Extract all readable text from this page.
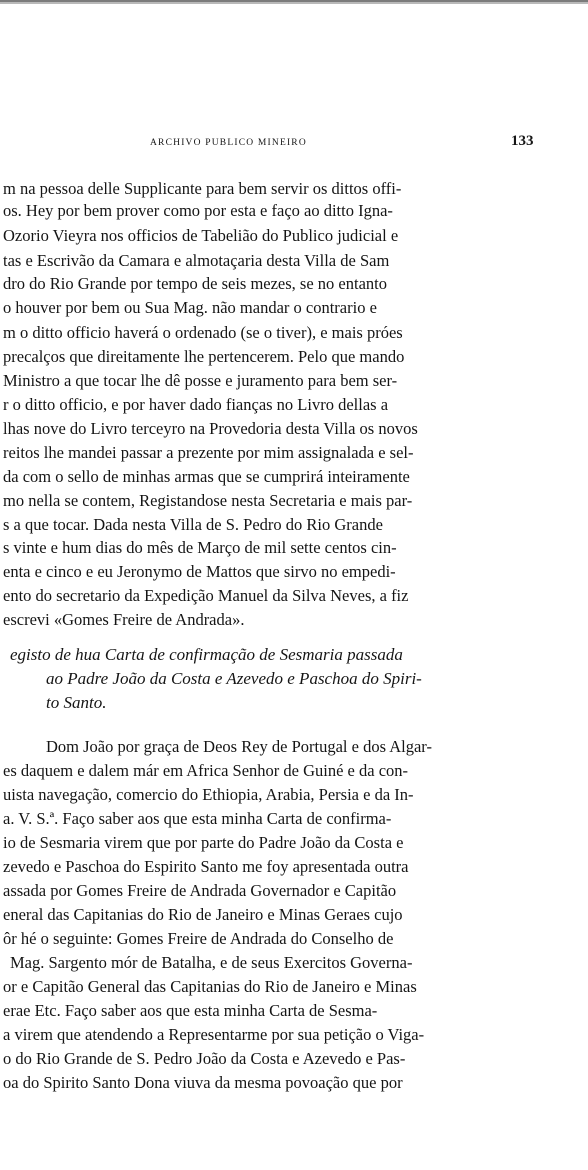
ARCHIVO PUBLICO MINEIRO	133
m na pessoa delle Supplicante para bem servir os dittos offi-
os. Hey por bem prover como por esta e faço ao ditto Igna-
Ozorio Vieyra nos officios de Tabelião do Publico judicial e
tas e Escrivão da Camara e almotaçaria desta Villa de Sam
dro do Rio Grande por tempo de seis mezes, se no entanto
o houver por bem ou Sua Mag. não mandar o contrario e
m o ditto officio haverá o ordenado (se o tiver), e mais próes
precalços que direitamente lhe pertencerem. Pelo que mando
Ministro a que tocar lhe dê posse e juramento para bem ser-
r o ditto officio, e por haver dado fianças no Livro dellas a
lhas nove do Livro terceyro na Provedoria desta Villa os novos
reitos lhe mandei passar a prezente por mim assignalada e sel-
da com o sello de minhas armas que se cumprirá inteiramente
mo nella se contem, Registandose nesta Secretaria e mais par-
s a que tocar. Dada nesta Villa de S. Pedro do Rio Grande
s vinte e hum dias do mês de Março de mil sette centos cin-
enta e cinco e eu Jeronymo de Mattos que sirvo no empedi-
ento do secretario da Expedição Manuel da Silva Neves, a fiz
escrevi «Gomes Freire de Andrada».
egisto de hua Carta de confirmação de Sesmaria passada
ao Padre João da Costa e Azevedo e Paschoa do Spiri-
to Santo.
Dom João por graça de Deos Rey de Portugal e dos Algar-
es daquem e dalem már em Africa Senhor de Guiné e da con-
uista navegação, comercio do Ethiopia, Arabia, Persia e da In-
a. V. S.ª. Faço saber aos que esta minha Carta de confirma-
io de Sesmaria virem que por parte do Padre João da Costa e
zevedo e Paschoa do Espirito Santo me foy apresentada outra
assada por Gomes Freire de Andrada Governador e Capitão
eneral das Capitanias do Rio de Janeiro e Minas Geraes cujo
ôr hé o seguinte: Gomes Freire de Andrada do Conselho de
Mag. Sargento mór de Batalha, e de seus Exercitos Governa-
or e Capitão General das Capitanias do Rio de Janeiro e Minas
erae Etc. Faço saber aos que esta minha Carta de Sesma-
a virem que atendendo a Representarme por sua petição o Viga-
o do Rio Grande de S. Pedro João da Costa e Azevedo e Pas-
oa do Spirito Santo Dona viuva da mesma povoação que por
